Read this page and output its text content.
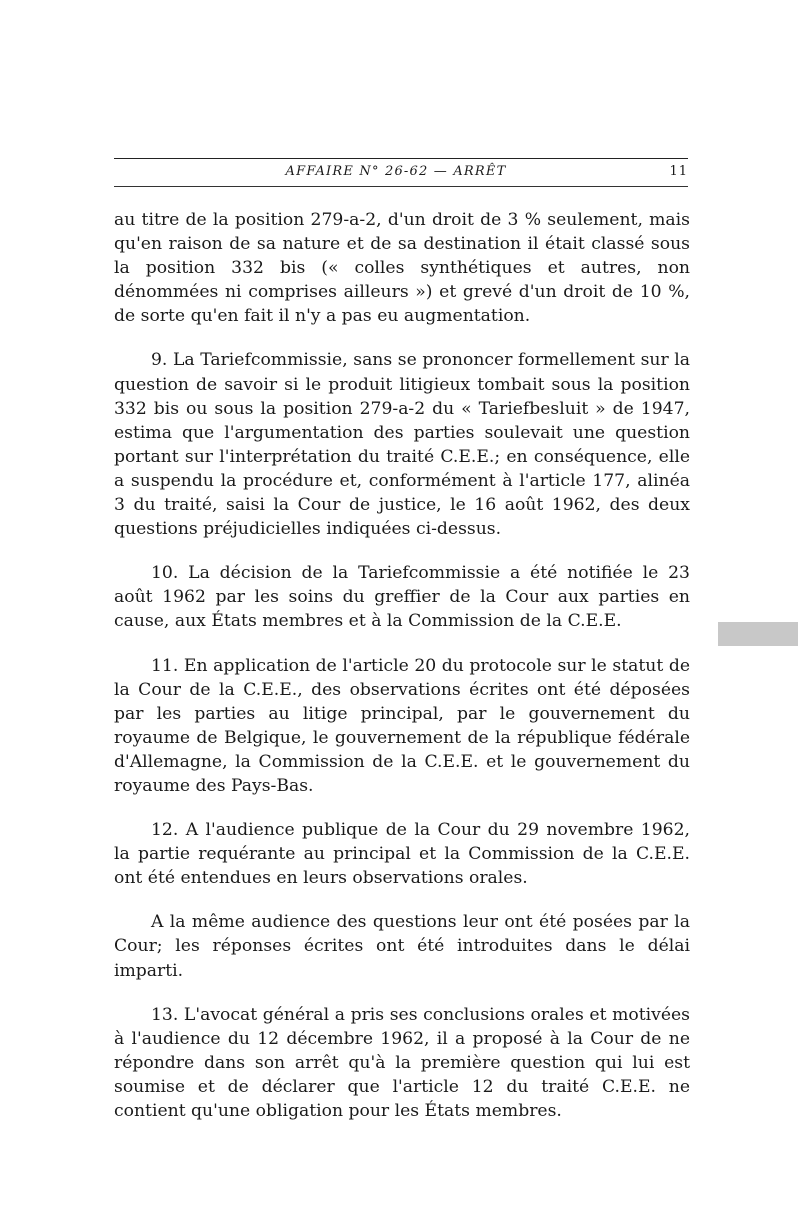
AFFAIRE N° 26-62 — ARRÊT	11

au titre de la position 279-a-2, d'un droit de 3 % seulement, mais qu'en raison de sa nature et de sa destination il était classé sous la position 332 bis (« colles synthétiques et autres, non dénommées ni comprises ailleurs ») et grevé d'un droit de 10 %, de sorte qu'en fait il n'y a pas eu augmentation.

9. La Tariefcommissie, sans se prononcer formellement sur la question de savoir si le produit litigieux tombait sous la position 332 bis ou sous la position 279-a-2 du « Tariefbesluit » de 1947, estima que l'argumentation des parties soulevait une question portant sur l'interprétation du traité C.E.E.; en conséquence, elle a suspendu la procédure et, conformément à l'article 177, alinéa 3 du traité, saisi la Cour de justice, le 16 août 1962, des deux questions préjudicielles indiquées ci-dessus.

10. La décision de la Tariefcommissie a été notifiée le 23 août 1962 par les soins du greffier de la Cour aux parties en cause, aux États membres et à la Commission de la C.E.E.

11. En application de l'article 20 du protocole sur le statut de la Cour de la C.E.E., des observations écrites ont été déposées par les parties au litige principal, par le gouvernement du royaume de Belgique, le gouvernement de la république fédérale d'Allemagne, la Commission de la C.E.E. et le gouvernement du royaume des Pays-Bas.

12. A l'audience publique de la Cour du 29 novembre 1962, la partie requérante au principal et la Commission de la C.E.E. ont été entendues en leurs observations orales.

A la même audience des questions leur ont été posées par la Cour; les réponses écrites ont été introduites dans le délai imparti.

13. L'avocat général a pris ses conclusions orales et motivées à l'audience du 12 décembre 1962, il a proposé à la Cour de ne répondre dans son arrêt qu'à la première question qui lui est soumise et de déclarer que l'article 12 du traité C.E.E. ne contient qu'une obligation pour les États membres.
